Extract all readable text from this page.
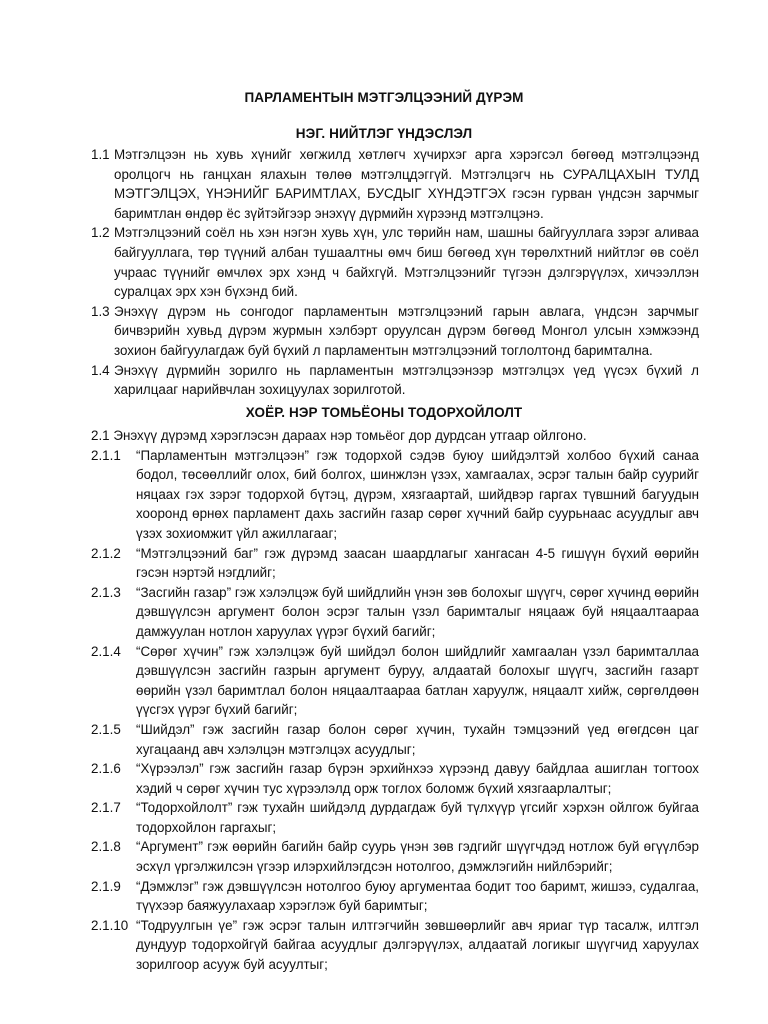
ПАРЛАМЕНТЫН МЭТГЭЛЦЭЭНИЙ ДҮРЭМ
НЭГ. НИЙТЛЭГ ҮНДЭСЛЭЛ
1.1 Мэтгэлцээн нь хувь хүнийг хөгжилд хөтлөгч хүчирхэг арга хэрэгсэл бөгөөд мэтгэлцээнд оролцогч нь ганцхан ялахын төлөө мэтгэлцдэггүй. Мэтгэлцэгч нь СУРАЛЦАХЫН ТУЛД МЭТГЭЛЦЭХ, ҮНЭНИЙГ БАРИМТЛАХ, БУСДЫГ ХҮНДЭТГЭХ гэсэн гурван үндсэн зарчмыг баримтлан өндөр ёс зүйтэйгээр энэхүү дүрмийн хүрээнд мэтгэлцэнэ.
1.2 Мэтгэлцээний соёл нь хэн нэгэн хувь хүн, улс төрийн нам, шашны байгууллага зэрэг аливаа байгууллага, төр түүний албан тушаалтны өмч биш бөгөөд хүн төрөлхтний нийтлэг өв соёл учраас түүнийг өмчлөх эрх хэнд ч байхгүй. Мэтгэлцээнийг түгээн дэлгэрүүлэх, хичээллэн суралцах эрх хэн бүхэнд бий.
1.3 Энэхүү дүрэм нь сонгодог парламентын мэтгэлцээний гарын авлага, үндсэн зарчмыг бичвэрийн хувьд дүрэм журмын хэлбэрт оруулсан дүрэм бөгөөд Монгол улсын хэмжээнд зохион байгуулагдаж буй бүхий л парламентын мэтгэлцээний тоглолтонд баримтална.
1.4 Энэхүү дүрмийн зорилго нь парламентын мэтгэлцээнээр мэтгэлцэх үед үүсэх бүхий л харилцааг нарийвчлан зохицуулах зорилготой.
ХОЁР. НЭР ТОМЬЁОНЫ ТОДОРХОЙЛОЛТ
2.1 Энэхүү дүрэмд хэрэглэсэн дараах нэр томьёог дор дурдсан утгаар ойлгоно.
2.1.1 “Парламентын мэтгэлцээн” гэж тодорхой сэдэв буюу шийдэлтэй холбоо бүхий санаа бодол, төсөөллийг олох, бий болгох, шинжлэн үзэх, хамгаалах, эсрэг талын байр суурийг няцаах гэх зэрэг тодорхой бүтэц, дүрэм, хязгаартай, шийдвэр гаргах түвшний багуудын хооронд өрнөх парламент дахь засгийн газар сөрөг хүчний байр суурьнаас асуудлыг авч үзэх зохиомжит үйл ажиллагааг;
2.1.2 “Мэтгэлцээний баг” гэж дүрэмд заасан шаардлагыг хангасан 4-5 гишүүн бүхий өөрийн гэсэн нэртэй нэгдлийг;
2.1.3 “Засгийн газар” гэж хэлэлцэж буй шийдлийн үнэн зөв болохыг шүүгч, сөрөг хүчинд өөрийн дэвшүүлсэн аргумент болон эсрэг талын үзэл баримталыг няцааж буй няцаалтаараа дамжуулан нотлон харуулах үүрэг бүхий багийг;
2.1.4 “Сөрөг хүчин” гэж хэлэлцэж буй шийдэл болон шийдлийг хамгаалан үзэл баримталлаа дэвшүүлсэн засгийн газрын аргумент буруу, алдаатай болохыг шүүгч, засгийн газарт өөрийн үзэл баримтлал болон няцаалтаараа батлан харуулж, няцаалт хийж, сөргөлдөөн үүсгэх үүрэг бүхий багийг;
2.1.5 “Шийдэл” гэж засгийн газар болон сөрөг хүчин, тухайн тэмцээний үед өгөгдсөн цаг хугацаанд авч хэлэлцэн мэтгэлцэх асуудлыг;
2.1.6 “Хүрээлэл” гэж засгийн газар бүрэн эрхийнхээ хүрээнд давуу байдлаа ашиглан тогтоох хэдий ч сөрөг хүчин тус хүрээлэлд орж тоглох боломж бүхий хязгаарлалтыг;
2.1.7 “Тодорхойлолт” гэж тухайн шийдэлд дурдагдаж буй түлхүүр үгсийг хэрхэн ойлгож буйгаа тодорхойлон гаргахыг;
2.1.8 “Аргумент” гэж өөрийн багийн байр суурь үнэн зөв гэдгийг шүүгчдэд нотлож буй өгүүлбэр эсхүл үргэлжилсэн үгээр илэрхийлэгдсэн нотолгоо, дэмжлэгийн нийлбэрийг;
2.1.9 “Дэмжлэг” гэж дэвшүүлсэн нотолгоо буюу аргументаа бодит тоо баримт, жишээ, судалгаа, түүхээр баяжуулахаар хэрэглэж буй баримтыг;
2.1.10 “Тодруулгын үе” гэж эсрэг талын илтгэгчийн зөвшөөрлийг авч яриаг түр тасалж, илтгэл дундуур тодорхойгүй байгаа асуудлыг дэлгэрүүлэх, алдаатай логикыг шүүгчид харуулах зорилгоор асууж буй асуултыг;
